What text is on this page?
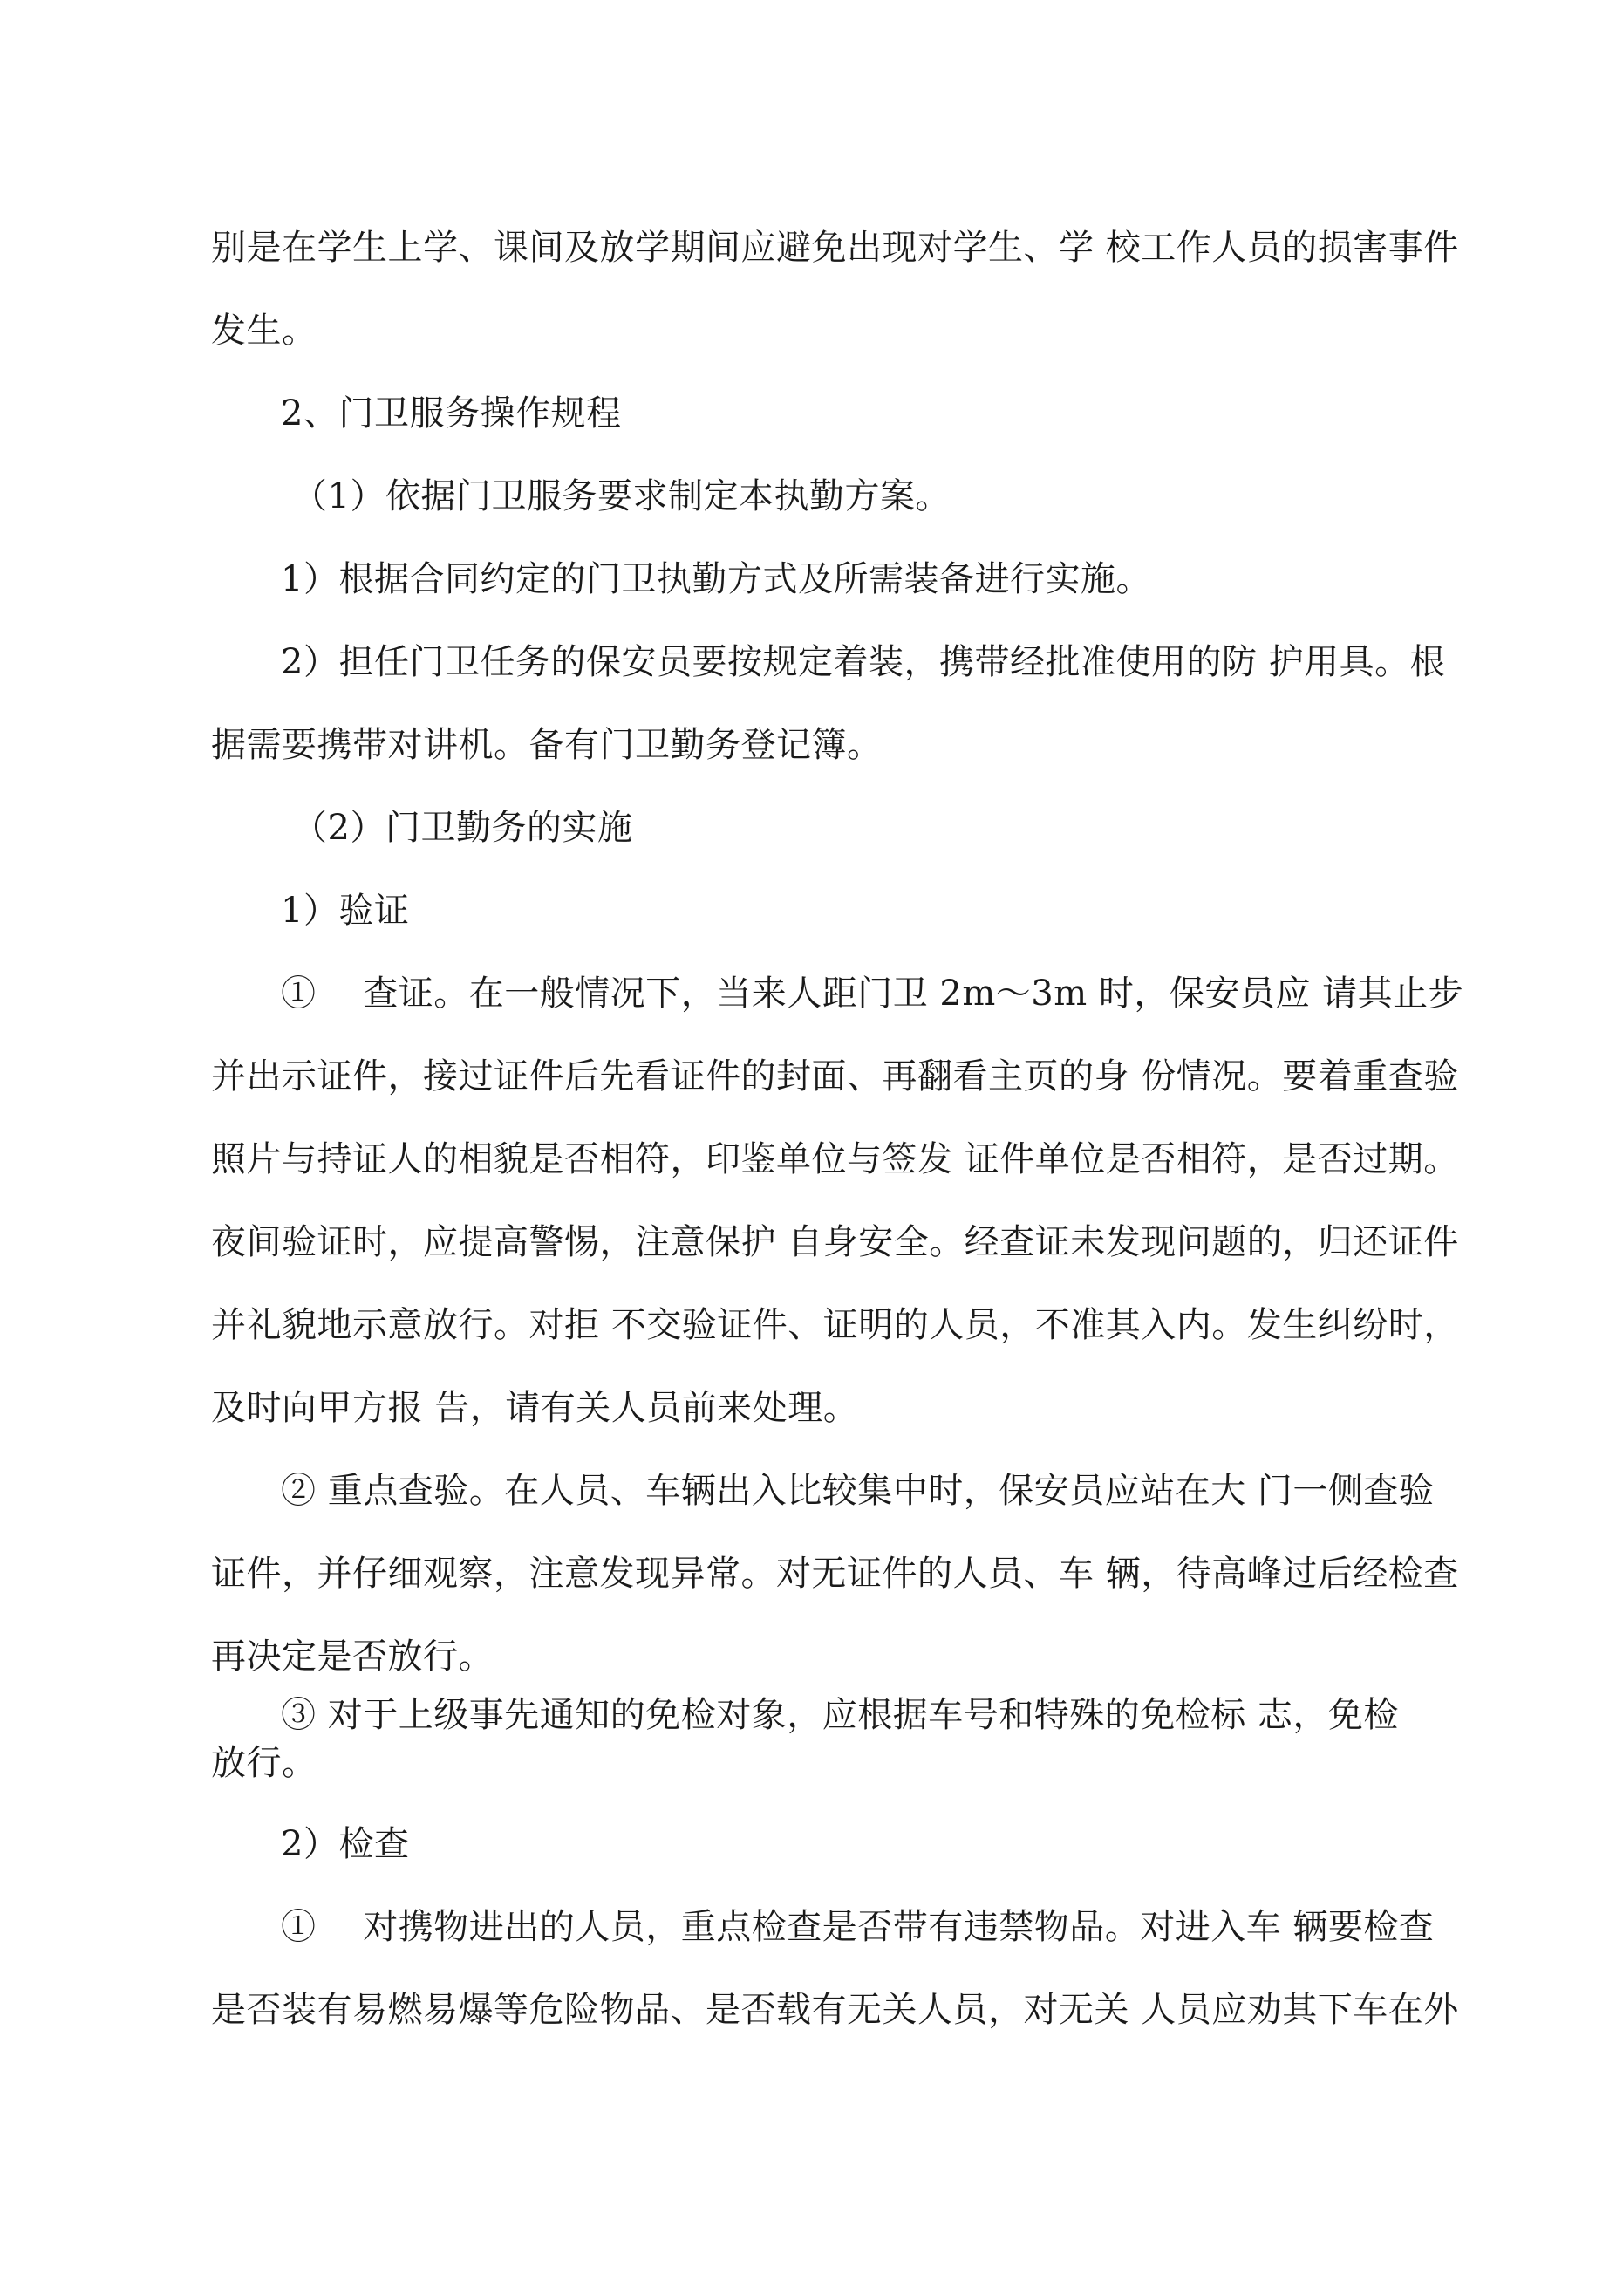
别是在学生上学、课间及放学期间应避免出现对学生、学 校工作人员的损害事件

发生。

2、门卫服务操作规程

（1）依据门卫服务要求制定本执勤方案。

1）根据合同约定的门卫执勤方式及所需装备进行实施。

2）担任门卫任务的保安员要按规定着装，携带经批准使用的防 护用具。根

据需要携带对讲机。备有门卫勤务登记簿。

（2）门卫勤务的实施

1）验证

①　 查证。在一般情况下，当来人距门卫 2m〜3m 时，保安员应 请其止步

并出示证件，接过证件后先看证件的封面、再翻看主页的身 份情况。要着重查验

照片与持证人的相貌是否相符，印鉴单位与签发 证件单位是否相符，是否过期。

夜间验证时，应提高警惕，注意保护 自身安全。经查证未发现问题的，归还证件

并礼貌地示意放行。对拒 不交验证件、证明的人员，不准其入内。发生纠纷时，

及时向甲方报 告，请有关人员前来处理。

② 重点查验。在人员、车辆出入比较集中时，保安员应站在大 门一侧查验

证件，并仔细观察，注意发现异常。对无证件的人员、车 辆，待高峰过后经检查

再决定是否放行。

③ 对于上级事先通知的免检对象，应根据车号和特殊的免检标 志，免检

放行。

2）检查

①　 对携物进出的人员，重点检查是否带有违禁物品。对进入车 辆要检查

是否装有易燃易爆等危险物品、是否载有无关人员，对无关 人员应劝其下车在外
